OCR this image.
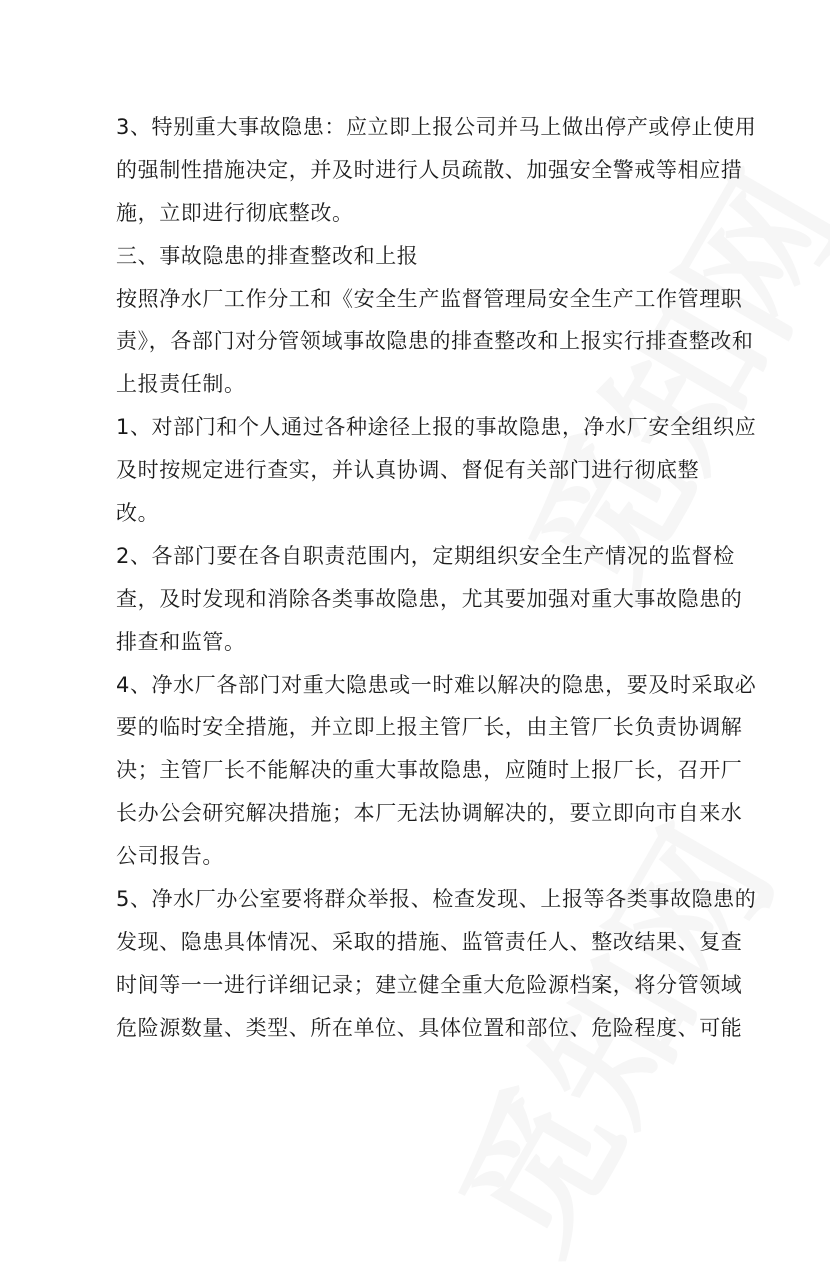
3、特别重大事故隐患：应立即上报公司并马上做出停产或停止使用
的强制性措施决定，并及时进行人员疏散、加强安全警戒等相应措
施，立即进行彻底整改。
三、事故隐患的排查整改和上报
按照净水厂工作分工和《安全生产监督管理局安全生产工作管理职
责》，各部门对分管领域事故隐患的排查整改和上报实行排查整改和
上报责任制。
1、对部门和个人通过各种途径上报的事故隐患，净水厂安全组织应
及时按规定进行查实，并认真协调、督促有关部门进行彻底整
改。
2、各部门要在各自职责范围内，定期组织安全生产情况的监督检
查，及时发现和消除各类事故隐患，尤其要加强对重大事故隐患的
排查和监管。
4、净水厂各部门对重大隐患或一时难以解决的隐患，要及时采取必
要的临时安全措施，并立即上报主管厂长，由主管厂长负责协调解
决；主管厂长不能解决的重大事故隐患，应随时上报厂长，召开厂
长办公会研究解决措施；本厂无法协调解决的，要立即向市自来水
公司报告。
5、净水厂办公室要将群众举报、检查发现、上报等各类事故隐患的
发现、隐患具体情况、采取的措施、监管责任人、整改结果、复查
时间等一一进行详细记录；建立健全重大危险源档案，将分管领域
危险源数量、类型、所在单位、具体位置和部位、危险程度、可能
